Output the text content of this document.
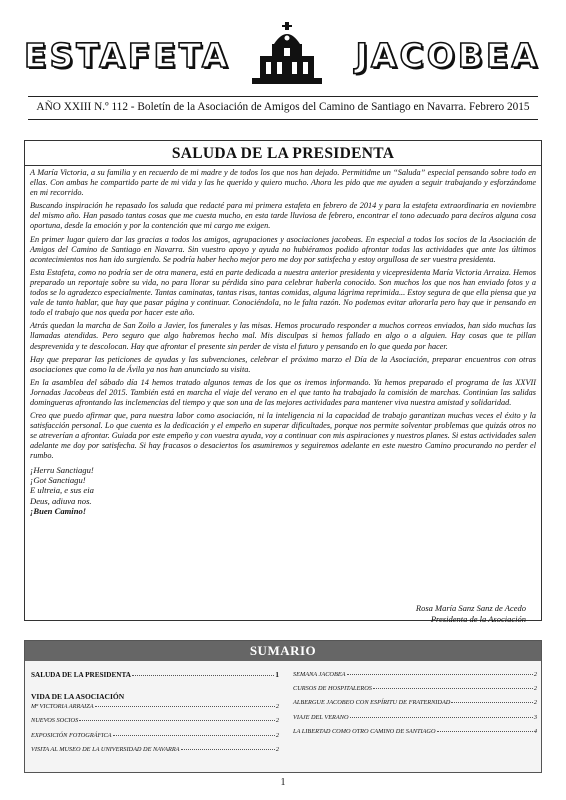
ESTAFETA	JACOBEA
AÑO XXIII N.º 112 - Boletín de la Asociación de Amigos del Camino de Santiago en Navarra. Febrero 2015
SALUDA DE LA PRESIDENTA

A María Victoria, a su familia y en recuerdo de mi madre y de todos los que nos han dejado. Permitidme un “Saluda” especial pensando sobre todo en ellas. Con ambas he compartido parte de mi vida y las he querido y quiero mucho. Ahora les pido que me ayuden a seguir trabajando y esforzándome en mi recorrido.

Buscando inspiración he repasado los saluda que redacté para mi primera estafeta en febrero de 2014 y para la estafeta extraordinaria en noviembre del mismo año. Han pasado tantas cosas que me cuesta mucho, en esta tarde lluviosa de febrero, encontrar el tono adecuado para decíros alguna cosa oportuna, desde la emoción y por la contención que mi cargo me exigen.

En primer lugar quiero dar las gracias a todos los amigos, agrupaciones y asociaciones jacobeas. En especial a todos los socios de la Asociación de Amigos del Camino de Santiago en Navarra. Sin vuestro apoyo y ayuda no hubiéramos podido afrontar todas las actividades que ante los últimos acontecimientos nos han ido surgiendo. Se podría haber hecho mejor pero me doy por satisfecha y estoy orgullosa de ser vuestra presidenta.

Esta Estafeta, como no podría ser de otra manera, está en parte dedicada a nuestra anterior presidenta y vicepresidenta María Victoria Arraiza. Hemos preparado un reportaje sobre su vida, no para llorar su pérdida sino para celebrar haberla conocido. Son muchos los que nos han enviado fotos y a todos se lo agradezco especialmente. Tantas caminatas, tantas risas, tantas comidas, alguna lágrima reprimida... Estoy segura de que ella piensa que ya vale de tanto hablar, que hay que pasar página y continuar. Conociéndola, no le falta razón. No podemos evitar añorarla pero hay que ir pensando en todo el trabajo que nos queda por hacer este año.

Atrás quedan la marcha de San Zoilo a Javier, los funerales y las misas. Hemos procurado responder a muchos correos enviados, han sido muchas las llamadas atendidas. Pero seguro que algo habremos hecho mal. Mis disculpas si hemos fallado en algo o a alguien. Hay cosas que te pillan desprevenida y te descolocan. Hay que afrontar el presente sin perder de vista el futuro y pensando en lo que queda por hacer.

Hay que preparar las peticiones de ayudas y las subvenciones, celebrar el próximo marzo el Día de la Asociación, preparar encuentros con otras asociaciones que como la de Ávila ya nos han anunciado su visita.

En la asamblea del sábado día 14 hemos tratado algunos temas de los que os iremos informando. Ya hemos preparado el programa de las XXVII Jornadas Jacobeas del 2015. También está en marcha el viaje del verano en el que tanto ha trabajado la comisión de marchas. Continúan las salidas domingueras afrontando las inclemencias del tiempo y que son una de las mejores actividades para mantener viva nuestra amistad y solidaridad.

Creo que puedo afirmar que, para nuestra labor como asociación, ni la inteligencia ni la capacidad de trabajo garantizan muchas veces el éxito y la satisfacción personal. Lo que cuenta es la dedicación y el empeño en superar dificultades, porque nos permite solventar problemas que quizás otros no se atreverían a afrontar. Guiada por este empeño y con vuestra ayuda, voy a continuar con mis aspiraciones y nuestros planes. Si estas actividades salen adelante me doy por satisfecha. Si hay fracasos o desaciertos los asumiremos y seguiremos adelante en este nuestro Camino procurando no perder el rumbo.

¡Herru Sanctiagu!
¡Got Sanctiagu!
E ultreia, e sus eia
Deus, adiuva nos.
¡Buen Camino!
Rosa María Sanz Sanz de Acedo
Presidenta de la Asociación
SUMARIO
SALUDA DE LA PRESIDENTA	1
VIDA DE LA ASOCIACIÓN
Mª VICTORIA ARRAIZA	2
NUEVOS SOCIOS	2
EXPOSICIÓN FOTOGRÁFICA	2
VISITA AL MUSEO DE LA UNIVERSIDAD DE NAVARRA	2
SEMANA JACOBEA	2
CURSOS DE HOSPITALEROS	2
ALBERGUE JACOBEO CON ESPÍRITU DE FRATERNIDAD	2
VIAJE DEL VERANO	3
LA LIBERTAD COMO OTRO CAMINO DE SANTIAGO	4
1
